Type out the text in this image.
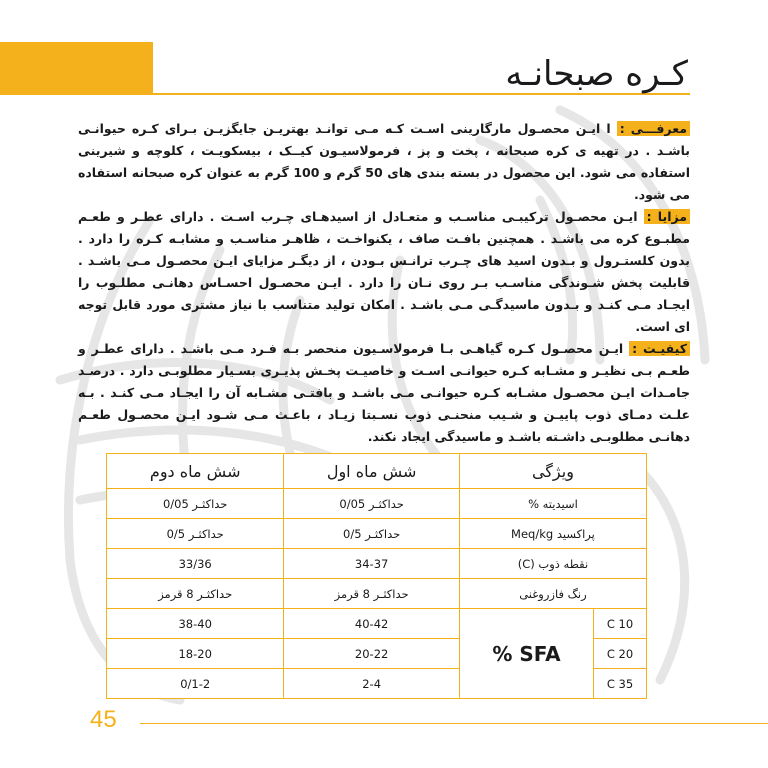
کـره صبحانـه

معرفـــی : ا ایـن محصـول مارگارینی اسـت کـه مـی توانـد بهتریـن جایگزیـن بـرای کـره حیوانـی باشـد . در تهیه ی کره صبحانه ، پخت و پز ، فرمولاسیـون کیــک ، بیسکویـت ، کلوچه و شیرینی استفاده می شود. این محصول در بسته بندی های 50 گرم و 100 گرم به عنوان کره صبحانه استفاده می شود.

مزایا : ایـن محصـول ترکیبـی مناسـب و متعـادل از اسیدهـای چـرب اسـت . دارای عطـر و طعـم مطبـوع کره می باشـد . همچنین بافـت صاف ، یکنواخـت ، ظاهـر مناسـب و مشابـه کـره را دارد . بدون کلستـرول و بـدون اسید های چـرب ترانـس بـودن ، از دیگـر مزایای ایـن محصـول مـی باشـد . قابلیت پخش شـوندگی مناسـب بـر روی نـان را دارد . ایـن محصـول احسـاس دهانـی مطلـوب را ایجـاد مـی کنـد و بـدون ماسیدگـی مـی باشـد . امکان تولید متناسب با نیاز مشتری مورد قابل توجه ای است.

کیفیـت : ایـن محصـول کـره گیاهـی بـا فرمولاسـیون منحصر بـه فـرد مـی باشـد . دارای عطـر و طعـم بـی نظیـر و مشـابه کـره حیوانـی اسـت و خاصیـت پخـش پذیـری بسـیار مطلوبـی دارد . درصـد جامـدات ایـن محصـول مشـابه کـره حیوانـی مـی باشـد و بافتـی مشـابه آن را ایجـاد مـی کنـد . بـه علـت دمـای ذوب پاییـن و شـیب منحنـی ذوب نسـبتا زیـاد ، باعـث مـی شـود ایـن محصـول طعـم دهانـی مطلوبـی داشـته باشـد و ماسیدگی ایجاد نکند.

ویژگی		شش ماه اول	شش ماه دوم
اسیدیته %		حداکثـر 0/05	حداکثـر 0/05
پراکسید Meq/kg		حداکثـر 0/5	حداکثـر 0/5
نقطه ذوب (C)		34-37	33/36
رنگ فازروغنی		حداکثـر 8 قرمز	حداکثـر 8 قرمز
10 C	% SFA	40-42	38-40
20 C		20-22	18-20
35 C		2-4	0/1-2
45
